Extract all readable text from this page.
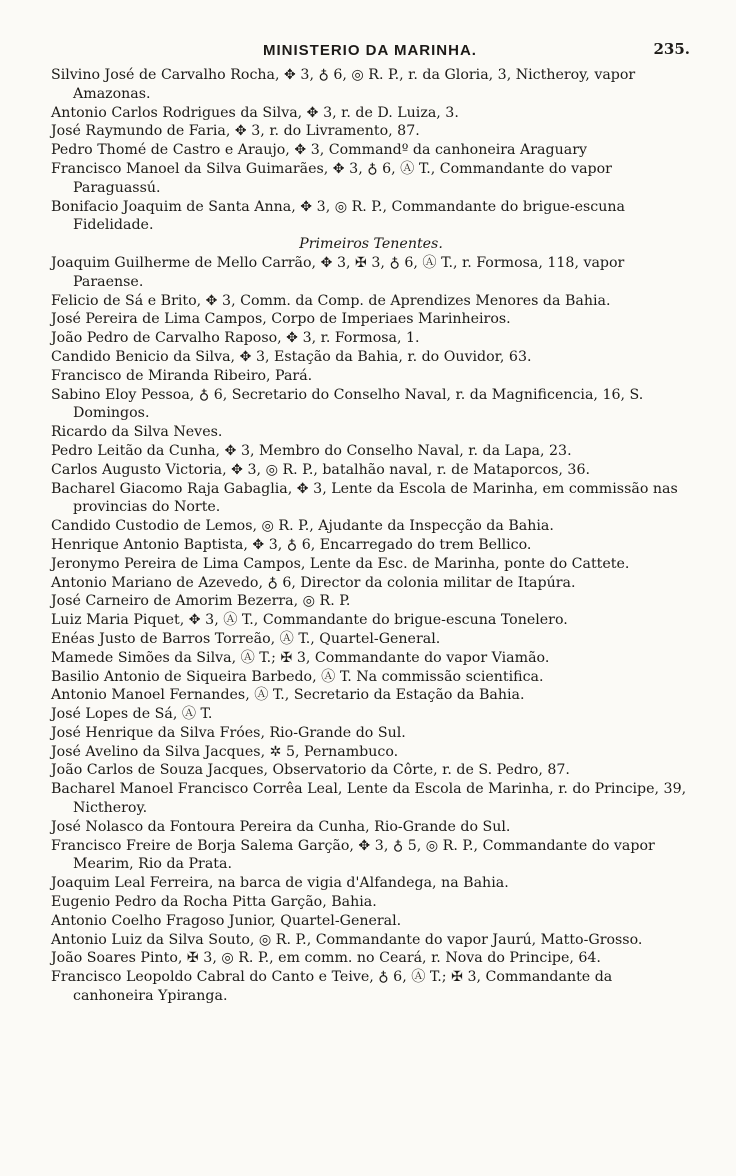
MINISTERIO DA MARINHA.	235.
Silvino José de Carvalho Rocha, ✥ 3, ♁ 6, ◎ R. P., r. da Gloria, 3, Nictheroy, vapor Amazonas.
Antonio Carlos Rodrigues da Silva, ✥ 3, r. de D. Luiza, 3.
José Raymundo de Faria, ✥ 3, r. do Livramento, 87.
Pedro Thomé de Castro e Araujo, ✥ 3, Commandº da canhoneira Araguary
Francisco Manoel da Silva Guimarães, ✥ 3, ♁ 6, Ⓐ T., Commandante do vapor Paraguassú.
Bonifacio Joaquim de Santa Anna, ✥ 3, ◎ R. P., Commandante do brigue-escuna Fidelidade.
Primeiros Tenentes.
Joaquim Guilherme de Mello Carrão, ✥ 3, ✠ 3, ♁ 6, Ⓐ T., r. Formosa, 118, vapor Paraense.
Felicio de Sá e Brito, ✥ 3, Comm. da Comp. de Aprendizes Menores da Bahia.
José Pereira de Lima Campos, Corpo de Imperiaes Marinheiros.
João Pedro de Carvalho Raposo, ✥ 3, r. Formosa, 1.
Candido Benicio da Silva, ✥ 3, Estação da Bahia, r. do Ouvidor, 63.
Francisco de Miranda Ribeiro, Pará.
Sabino Eloy Pessoa, ♁ 6, Secretario do Conselho Naval, r. da Magnificencia, 16, S. Domingos.
Ricardo da Silva Neves.
Pedro Leitão da Cunha, ✥ 3, Membro do Conselho Naval, r. da Lapa, 23.
Carlos Augusto Victoria, ✥ 3, ◎ R. P., batalhão naval, r. de Mataporcos, 36.
Bacharel Giacomo Raja Gabaglia, ✥ 3, Lente da Escola de Marinha, em commissão nas provincias do Norte.
Candido Custodio de Lemos, ◎ R. P., Ajudante da Inspecção da Bahia.
Henrique Antonio Baptista, ✥ 3, ♁ 6, Encarregado do trem Bellico.
Jeronymo Pereira de Lima Campos, Lente da Esc. de Marinha, ponte do Cattete.
Antonio Mariano de Azevedo, ♁ 6, Director da colonia militar de Itapúra.
José Carneiro de Amorim Bezerra, ◎ R. P.
Luiz Maria Piquet, ✥ 3, Ⓐ T., Commandante do brigue-escuna Tonelero.
Enéas Justo de Barros Torreão, Ⓐ T., Quartel-General.
Mamede Simões da Silva, Ⓐ T.; ✠ 3, Commandante do vapor Viamão.
Basilio Antonio de Siqueira Barbedo, Ⓐ T. Na commissão scientifica.
Antonio Manoel Fernandes, Ⓐ T., Secretario da Estação da Bahia.
José Lopes de Sá, Ⓐ T.
José Henrique da Silva Fróes, Rio-Grande do Sul.
José Avelino da Silva Jacques, ✲ 5, Pernambuco.
João Carlos de Souza Jacques, Observatorio da Côrte, r. de S. Pedro, 87.
Bacharel Manoel Francisco Corrêa Leal, Lente da Escola de Marinha, r. do Principe, 39, Nictheroy.
José Nolasco da Fontoura Pereira da Cunha, Rio-Grande do Sul.
Francisco Freire de Borja Salema Garção, ✥ 3, ♁ 5, ◎ R. P., Commandante do vapor Mearim, Rio da Prata.
Joaquim Leal Ferreira, na barca de vigia d'Alfandega, na Bahia.
Eugenio Pedro da Rocha Pitta Garção, Bahia.
Antonio Coelho Fragoso Junior, Quartel-General.
Antonio Luiz da Silva Souto, ◎ R. P., Commandante do vapor Jaurú, Matto-Grosso.
João Soares Pinto, ✠ 3, ◎ R. P., em comm. no Ceará, r. Nova do Principe, 64.
Francisco Leopoldo Cabral do Canto e Teive, ♁ 6, Ⓐ T.; ✠ 3, Commandante da canhoneira Ypiranga.
